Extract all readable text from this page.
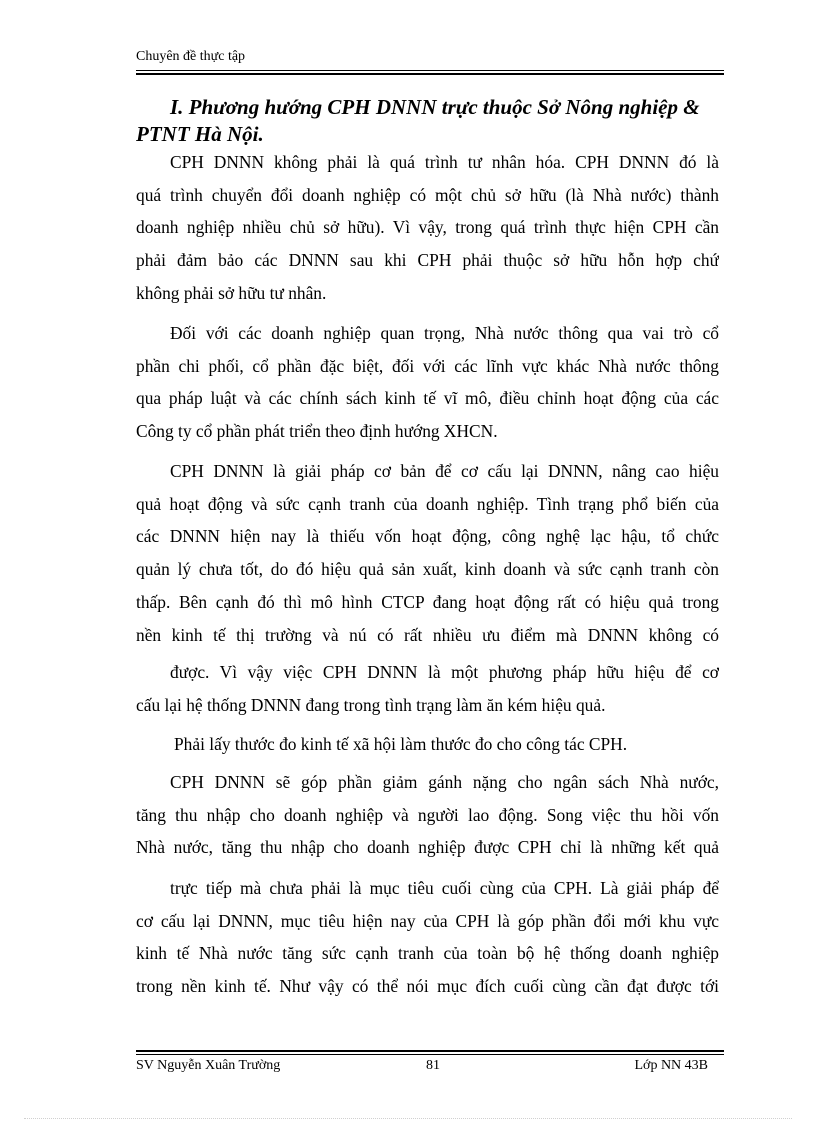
Chuyên đề thực tập
I. Phương hướng CPH DNNN trực thuộc Sở Nông nghiệp & PTNT Hà Nội.
CPH DNNN không phải là quá trình tư nhân hóa. CPH DNNN đó là
quá trình chuyển đổi doanh nghiệp có một chủ sở hữu (là Nhà nước) thành
doanh nghiệp nhiều chủ sở hữu). Vì vậy, trong quá trình thực hiện CPH cần
phải đảm bảo các DNNN sau khi CPH phải thuộc sở hữu hỗn hợp chứ
không phải sở hữu tư nhân.
Đối với các doanh nghiệp quan trọng, Nhà nước thông qua vai trò cổ
phần chi phối, cổ phần đặc biệt, đối với các lĩnh vực khác Nhà nước thông
qua pháp luật và các chính sách kinh tế vĩ mô, điều chỉnh hoạt động của các
Công ty cổ phần phát triển theo định hướng XHCN.
CPH DNNN là giải pháp cơ bản để cơ cấu lại DNNN, nâng cao hiệu
quả hoạt động và sức cạnh tranh của doanh nghiệp. Tình trạng phổ biến của
các DNNN hiện nay là thiếu vốn hoạt động, công nghệ lạc hậu, tổ chức
quản lý chưa tốt, do đó hiệu quả sản xuất, kinh doanh và sức cạnh tranh còn
thấp. Bên cạnh đó thì mô hình CTCP đang hoạt động rất có hiệu quả trong
nền kinh tế thị trường và nú có rất nhiều ưu điểm mà DNNN không có
được. Vì vậy việc CPH DNNN là một phương pháp hữu hiệu để cơ
cấu lại hệ thống DNNN đang trong tình trạng làm ăn kém hiệu quả.
Phải lấy thước đo kinh tế xã hội làm thước đo cho công tác CPH.
CPH DNNN sẽ góp phần giảm gánh nặng cho ngân sách Nhà nước,
tăng thu nhập cho doanh nghiệp và người lao động. Song việc thu hồi vốn
Nhà nước, tăng thu nhập cho doanh nghiệp được CPH chỉ là những kết quả
trực tiếp mà chưa phải là mục tiêu cuối cùng của CPH. Là giải pháp để
cơ cấu lại DNNN, mục tiêu hiện nay của CPH là góp phần đổi mới khu vực
kinh tế Nhà nước tăng sức cạnh tranh của toàn bộ hệ thống doanh nghiệp
trong nền kinh tế. Như vậy có thể nói mục đích cuối cùng cần đạt được tới
SV Nguyễn Xuân Trường	81	Lớp NN 43B
